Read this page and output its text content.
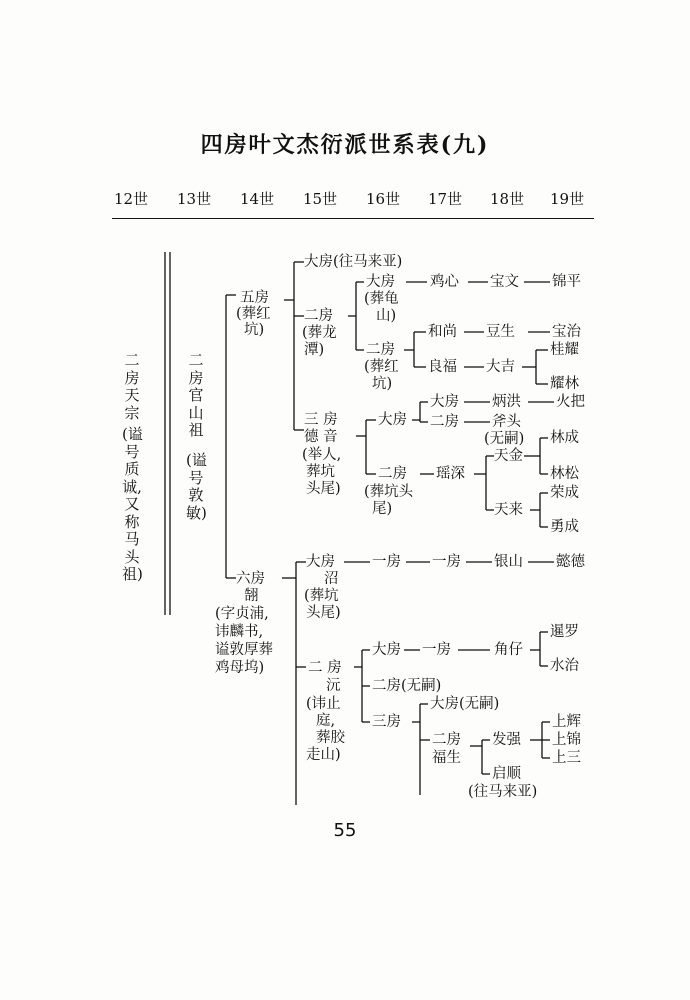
四房叶文杰衍派世系表(九)
12世 13世 14世 15世 16世 17世 18世 19世
二房天宗
(谥号质诚,又称马头祖)
二房官山祖
(谥号敦敏)
五房
(葬红
坑)
六房
䎋
(字贞浦,
讳麟书,
谥敦厚葬
鸡母坞)
大房(往马来亚)
二房
(葬龙
潭)
大房
(葬龟
山)
鸡心 宝文 锦平
二房
(葬红
坑)
和尚 豆生	宝治
良福 大吉
桂耀
耀林
三 房
德 音
(举人,
葬坑
头尾)
大房
大房 炳洪 火把
二房 斧头
(无嗣)
二房
(葬坑头
尾)
瑶深
天金
林成
林松
天来
荣成
勇成
大房
沼
(葬坑
头尾)
一房 一房 银山 懿德
二 房
沅
(讳止
庭,
葬胶
走山)
大房 一房	角仔
暹罗
水治
二房(无嗣)
三房
大房(无嗣)
二房
福生
发强
上辉
上锦
上三
启顺
(往马来亚)
55
